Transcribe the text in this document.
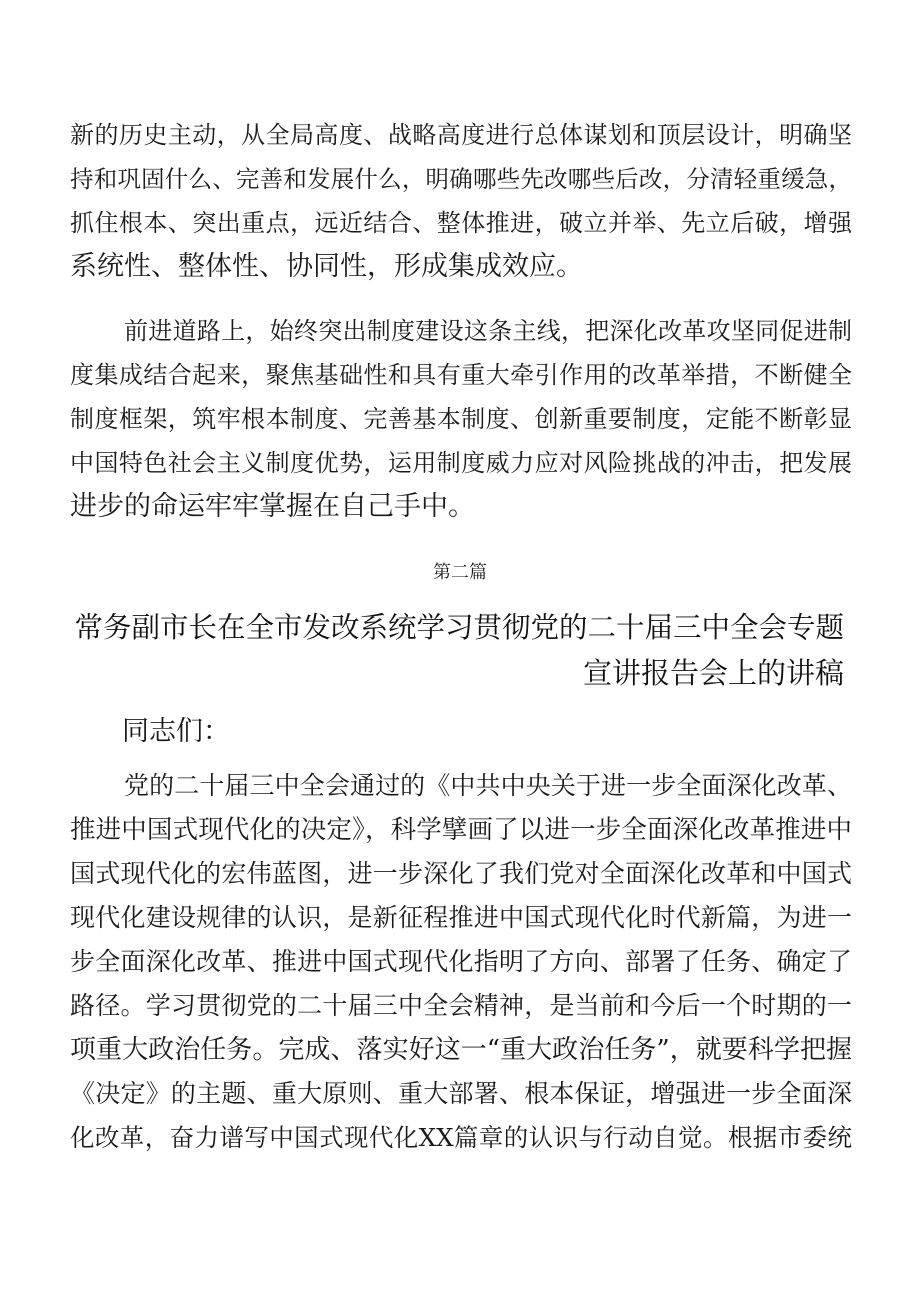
新的历史主动，从全局高度、战略高度进行总体谋划和顶层设计，明确坚
持和巩固什么、完善和发展什么，明确哪些先改哪些后改，分清轻重缓急，
抓住根本、突出重点，远近结合、整体推进，破立并举、先立后破，增强
系统性、整体性、协同性，形成集成效应。
前进道路上，始终突出制度建设这条主线，把深化改革攻坚同促进制
度集成结合起来，聚焦基础性和具有重大牵引作用的改革举措，不断健全
制度框架，筑牢根本制度、完善基本制度、创新重要制度，定能不断彰显
中国特色社会主义制度优势，运用制度威力应对风险挑战的冲击，把发展
进步的命运牢牢掌握在自己手中。
第二篇
常务副市长在全市发改系统学习贯彻党的二十届三中全会专题
宣讲报告会上的讲稿
同志们：
党的二十届三中全会通过的《中共中央关于进一步全面深化改革、
推进中国式现代化的决定》，科学擘画了以进一步全面深化改革推进中
国式现代化的宏伟蓝图，进一步深化了我们党对全面深化改革和中国式
现代化建设规律的认识，是新征程推进中国式现代化时代新篇，为进一
步全面深化改革、推进中国式现代化指明了方向、部署了任务、确定了
路径。学习贯彻党的二十届三中全会精神，是当前和今后一个时期的一
项重大政治任务。完成、落实好这一“重大政治任务”，就要科学把握
《决定》的主题、重大原则、重大部署、根本保证，增强进一步全面深
化改革，奋力谱写中国式现代化XX篇章的认识与行动自觉。根据市委统
